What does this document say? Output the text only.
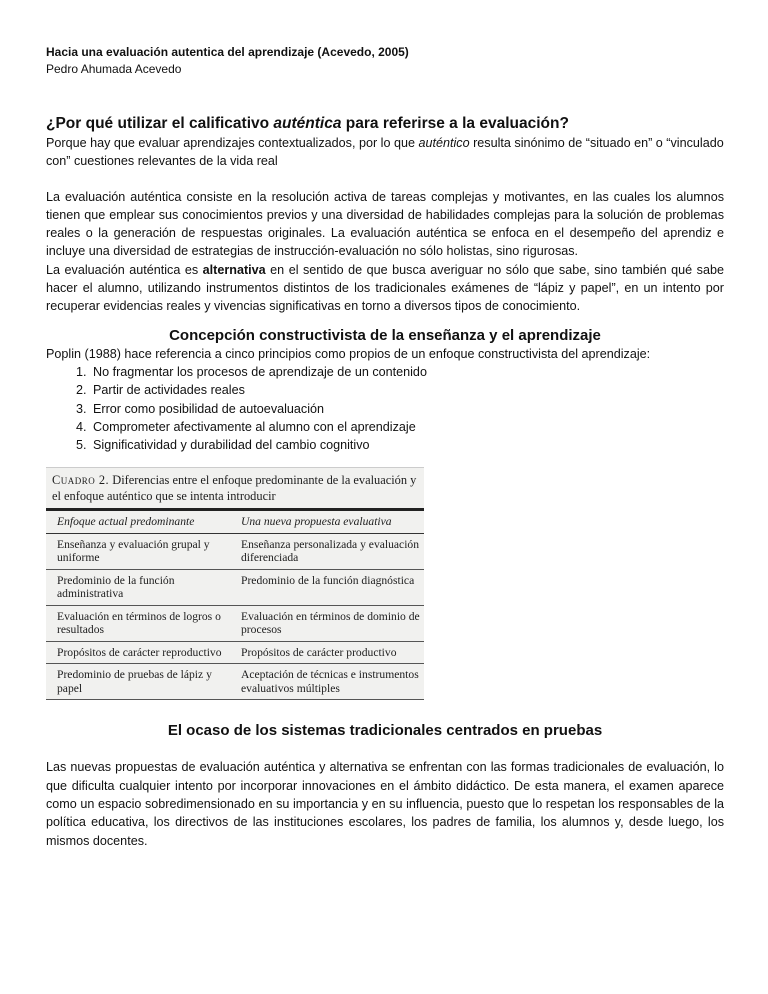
Hacia una evaluación autentica del aprendizaje (Acevedo, 2005)
Pedro Ahumada Acevedo
¿Por qué utilizar el calificativo auténtica para referirse a la evaluación?

Porque hay que evaluar aprendizajes contextualizados, por lo que auténtico resulta sinónimo de “situado en” o “vinculado con” cuestiones relevantes de la vida real

La evaluación auténtica consiste en la resolución activa de tareas complejas y motivantes, en las cuales los alumnos tienen que emplear sus conocimientos previos y una diversidad de habilidades complejas para la solución de problemas reales o la generación de respuestas originales. La evaluación auténtica se enfoca en el desempeño del aprendiz e incluye una diversidad de estrategias de instrucción-evaluación no sólo holistas, sino rigurosas.

La evaluación auténtica es alternativa en el sentido de que busca averiguar no sólo que sabe, sino también qué sabe hacer el alumno, utilizando instrumentos distintos de los tradicionales exámenes de “lápiz y papel”, en un intento por recuperar evidencias reales y vivencias significativas en torno a diversos tipos de conocimiento.

Concepción constructivista de la enseñanza y el aprendizaje

Poplin (1988) hace referencia a cinco principios como propios de un enfoque constructivista del aprendizaje:

1. No fragmentar los procesos de aprendizaje de un contenido
2. Partir de actividades reales
3. Error como posibilidad de autoevaluación
4. Comprometer afectivamente al alumno con el aprendizaje
5. Significatividad y durabilidad del cambio cognitivo
Cuadro 2. Diferencias entre el enfoque predominante de la evaluación y el enfoque auténtico que se intenta introducir
Enfoque actual predominante	Una nueva propuesta evaluativa
Enseñanza y evaluación grupal y uniforme
Enseñanza personalizada y evaluación diferenciada
Predominio de la función administrativa
Predominio de la función diagnóstica
Evaluación en términos de logros o resultados
Evaluación en términos de dominio de procesos
Propósitos de carácter reproductivo	Propósitos de carácter productivo
Predominio de pruebas de lápiz y papel
Aceptación de técnicas e instrumentos evaluativos múltiples
El ocaso de los sistemas tradicionales centrados en pruebas

Las nuevas propuestas de evaluación auténtica y alternativa se enfrentan con las formas tradicionales de evaluación, lo que dificulta cualquier intento por incorporar innovaciones en el ámbito didáctico. De esta manera, el examen aparece como un espacio sobredimensionado en su importancia y en su influencia, puesto que lo respetan los responsables de la política educativa, los directivos de las instituciones escolares, los padres de familia, los alumnos y, desde luego, los mismos docentes.
